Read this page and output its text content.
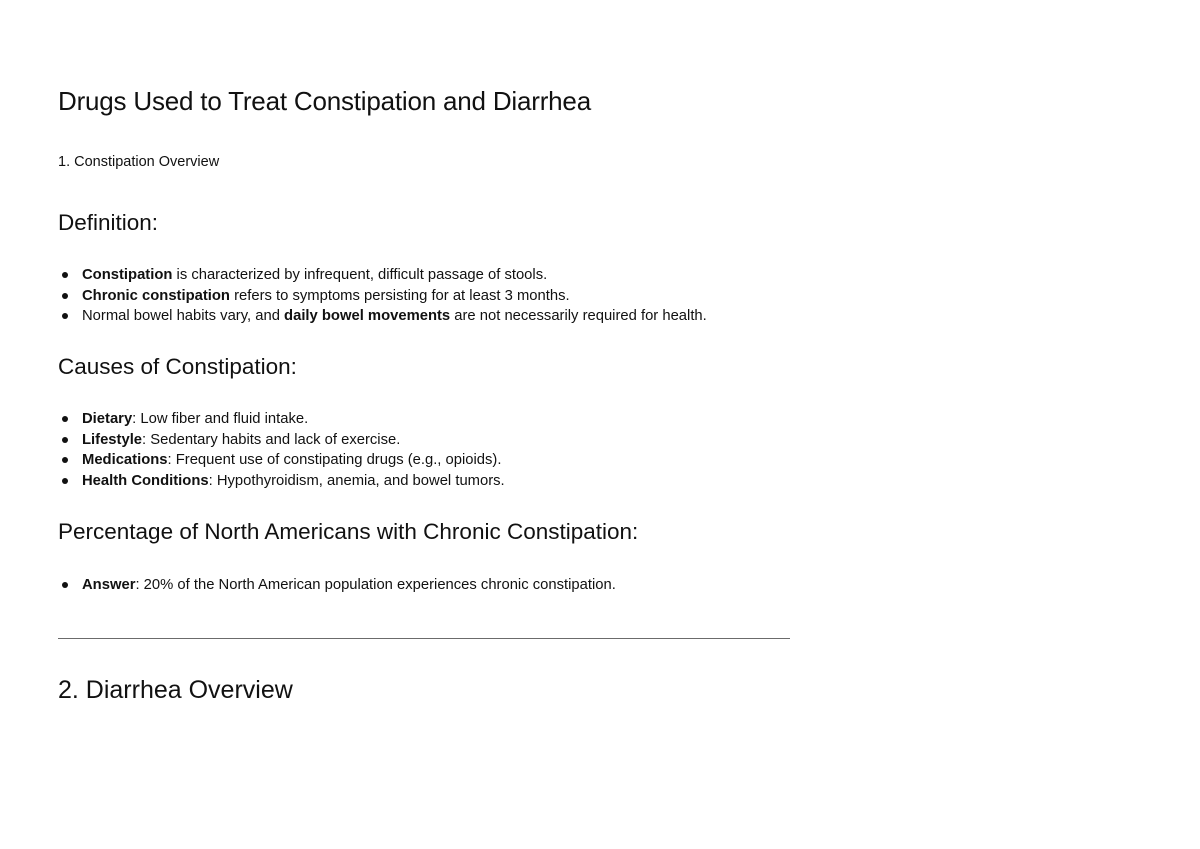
Drugs Used to Treat Constipation and Diarrhea

1. Constipation Overview

Definition:
Constipation is characterized by infrequent, difficult passage of stools.
Chronic constipation refers to symptoms persisting for at least 3 months.
Normal bowel habits vary, and daily bowel movements are not necessarily required for health.
Causes of Constipation:
Dietary: Low fiber and fluid intake.
Lifestyle: Sedentary habits and lack of exercise.
Medications: Frequent use of constipating drugs (e.g., opioids).
Health Conditions: Hypothyroidism, anemia, and bowel tumors.
Percentage of North Americans with Chronic Constipation:
Answer: 20% of the North American population experiences chronic constipation.
2. Diarrhea Overview
